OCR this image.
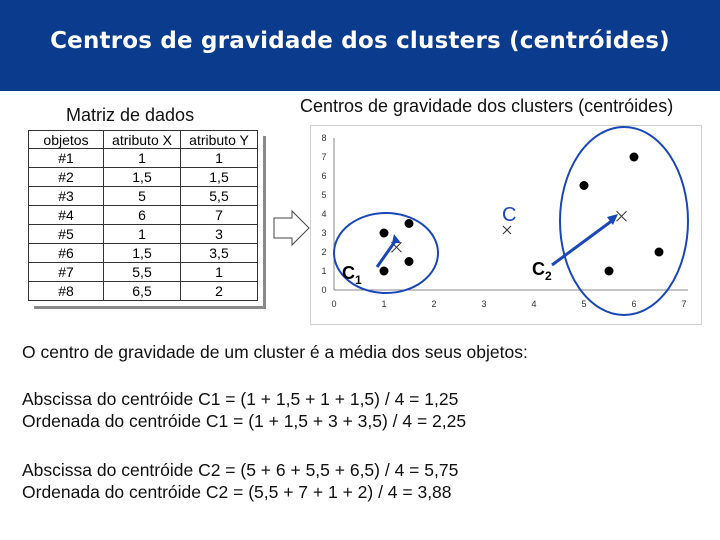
Centros de gravidade dos clusters (centróides)
Matriz de dados	Centros de gravidade dos clusters (centróides)
objetos	atributo X	atributo Y
#1	1	1
#2	1,5	1,5
#3	5	5,5
#4	6	7
#5	1	3
#6	1,5	3,5
#7	5,5	1
#8	6,5	2
0	1	2	3	4	5	6	7
0
1
2
3
4
5
6
7
8
C
$C_1$
$C_2$
O centro de gravidade de um cluster é a média dos seus objetos:
Abscissa do centróide C1 = (1 + 1,5 + 1 + 1,5) / 4 = 1,25
Ordenada do centróide C1 = (1 + 1,5 + 3 + 3,5) / 4 = 2,25
Abscissa do centróide C2 = (5 + 6 + 5,5 + 6,5) / 4 = 5,75
Ordenada do centróide C2 = (5,5 + 7 + 1 + 2) / 4 = 3,88
